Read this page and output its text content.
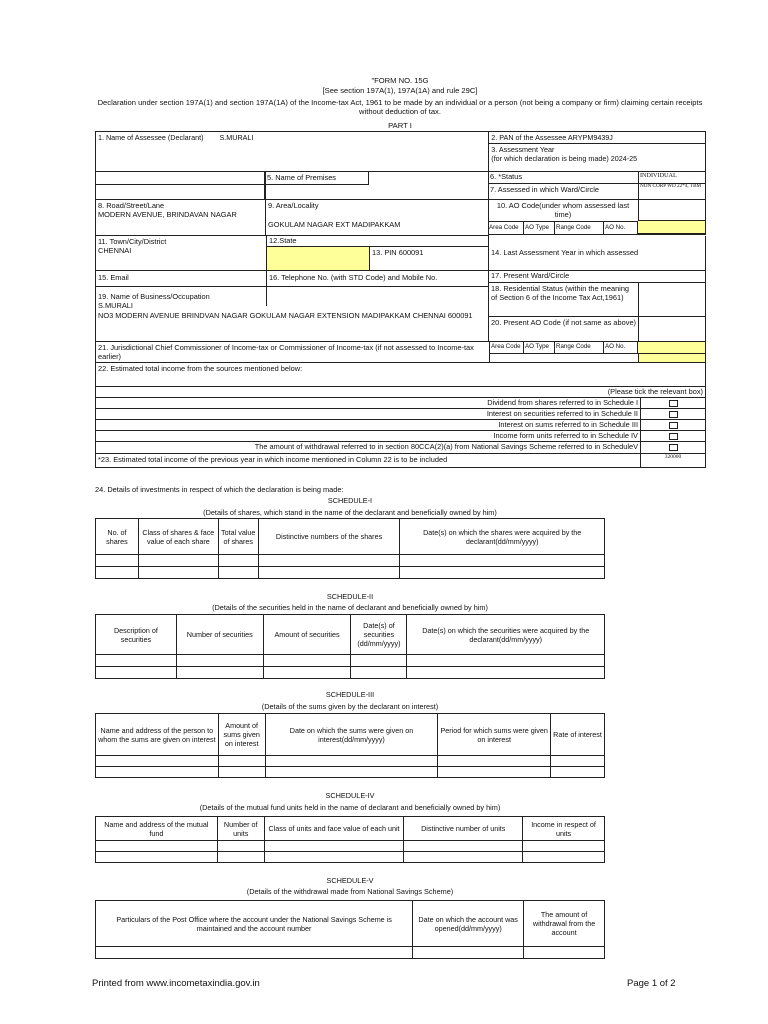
"FORM NO. 15G
[See section 197A(1), 197A(1A) and rule 29C]
Declaration under section 197A(1) and section 197A(1A) of the Income-tax Act, 1961 to be made by an individual or a person (not being a company or firm) claiming certain receipts without deduction of tax.
PART I
1. Name of Assessee (Declarant) S.MURALI	2. PAN of the Assessee ARYPM9439J

	3. Assessment Year
(for which declaration is being made) 2024-25

5. Name of Premises	6. *Status	INDIVIDUAL
7. Assessed in which Ward/Circle	NON CORP WD 22*4, TBM
8. Road/Street/Lane
MODERN AVENUE, BRINDAVAN NAGAR
9. Area/Locality
GOKULAM NAGAR EXT MADIPAKKAM
10. AO Code(under whom assessed last time)
Area Code	AO Type	Range Code	AO No.
11. Town/City/District
CHENNAI
12.State
13. PIN 600091	14. Last Assessment Year in which assessed
15. Email	16. Telephone No. (with STD Code) and Mobile No.	17. Present Ward/Circle
19. Name of Business/Occupation
S.MURALI
NO3 MODERN AVENUE BRINDVAN NAGAR GOKULAM NAGAR EXTENSION MADIPAKKAM CHENNAI 600091
18. Residential Status (within the meaning of Section 6 of the Income Tax Act,1961)
20. Present AO Code (if not same as above)
21. Jurisdictional Chief Commissioner of Income-tax or Commissioner of Income-tax (if not assessed to Income-tax earlier)
Area Code AO Type	Range Code	AO No.
22. Estimated total income from the sources mentioned below:
(Please tick the relevant box)
Dividend from shares referred to in Schedule I
Interest on securities referred to in Schedule II
Interest on sums referred to in Schedule III
Income form units referred to in Schedule IV
The amount of withdrawal referred to in section 80CCA(2)(a) from National Savings Scheme referred to in ScheduleV
*23. Estimated total income of the previous year in which income mentioned in Column 22 is to be included	320000
24. Details of investments in respect of which the declaration is being made:
SCHEDULE-I
(Details of shares, which stand in the name of the declarant and beneficially owned by him)
No. of shares	Class of shares & face value of each share	Total value of shares	Distinctive numbers of the shares	Date(s) on which the shares were acquired by the declarant(dd/mm/yyyy)

SCHEDULE-II
(Details of the securities held in the name of declarant and beneficially owned by him)
Description of securities	Number of securities	Amount of securities	Date(s) of securities (dd/mm/yyyy)	Date(s) on which the securities were acquired by the declarant(dd/mm/yyyy)

SCHEDULE-III
(Details of the sums given by the declarant on interest)
Name and address of the person to whom the sums are given on interest	Amount of sums given on interest	Date on which the sums were given on interest(dd/mm/yyyy)	Period for which sums were given on interest	Rate of interest

SCHEDULE-IV
(Details of the mutual fund units held in the name of declarant and beneficially owned by him)
Name and address of the mutual fund	Number of units	Class of units and face value of each unit	Distinctive number of units	Income in respect of units

SCHEDULE-V
(Details of the withdrawal made from National Savings Scheme)
Particulars of the Post Office where the account under the National Savings Scheme is maintained and the account number	Date on which the account was opened(dd/mm/yyyy)	The amount of withdrawal from the account

Printed from www.incometaxindia.gov.in	Page 1 of 2
